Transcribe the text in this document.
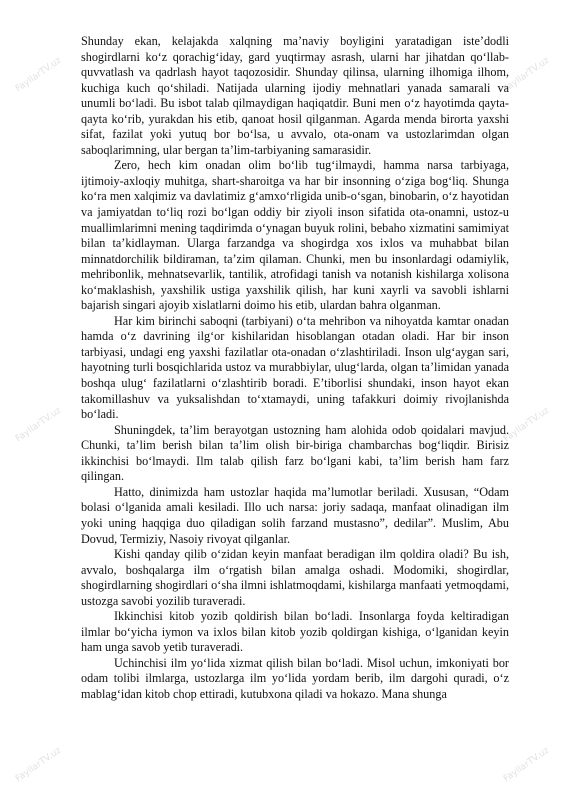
FayllarTV.uz	FayllarTV.uz
FayllarTV.uz	FayllarTV.uz
FayllarTV.uz	FayllarTV.uz

Shunday ekan, kelajakda xalqning ma’naviy boyligini yaratadigan iste’dodli shogirdlarni ko‘z qorachig‘iday, gard yuqtirmay asrash, ularni har jihatdan qo‘llab-quvvatlash va qadrlash hayot taqozosidir. Shunday qilinsa, ularning ilhomiga ilhom, kuchiga kuch qo‘shiladi. Natijada ularning ijodiy mehnatlari yanada samarali va unumli bo‘ladi. Bu isbot talab qilmaydigan haqiqatdir. Buni men o‘z hayotimda qayta-qayta ko‘rib, yurakdan his etib, qanoat hosil qilganman. Agarda menda birorta yaxshi sifat, fazilat yoki yutuq bor bo‘lsa, u avvalo, ota-onam va ustozlarimdan olgan saboqlarimning, ular bergan ta’lim-tarbiyaning samarasidir.

Zero, hech kim onadan olim bo‘lib tug‘ilmaydi, hamma narsa tarbiyaga, ijtimoiy-axloqiy muhitga, shart-sharoitga va har bir insonning o‘ziga bog‘liq. Shunga ko‘ra men xalqimiz va davlatimiz g‘amxo‘rligida unib-o‘sgan, binobarin, o‘z hayotidan va jamiyatdan to‘liq rozi bo‘lgan oddiy bir ziyoli inson sifatida ota-onamni, ustoz-u muallimlarimni mening taqdirimda o‘ynagan buyuk rolini, bebaho xizmatini samimiyat bilan ta’kidlayman. Ularga farzandga va shogirdga xos ixlos va muhabbat bilan minnatdorchilik bildiraman, ta’zim qilaman. Chunki, men bu insonlardagi odamiylik, mehribonlik, mehnatsevarlik, tantilik, atrofidagi tanish va notanish kishilarga xolisona ko‘maklashish, yaxshilik ustiga yaxshilik qilish, har kuni xayrli va savobli ishlarni bajarish singari ajoyib xislatlarni doimo his etib, ulardan bahra olganman.

Har kim birinchi saboqni (tarbiyani) o‘ta mehribon va nihoyatda kamtar onadan hamda o‘z davrining ilg‘or kishilaridan hisoblangan otadan oladi. Har bir inson tarbiyasi, undagi eng yaxshi fazilatlar ota-onadan o‘zlashtiriladi. Inson ulg‘aygan sari, hayotning turli bosqichlarida ustoz va murabbiylar, ulug‘larda, olgan ta’limidan yanada boshqa ulug‘ fazilatlarni o‘zlashtirib boradi. E’tiborlisi shundaki, inson hayot ekan takomillashuv va yuksalishdan to‘xtamaydi, uning tafakkuri doimiy rivojlanishda bo‘ladi.

Shuningdek, ta’lim berayotgan ustozning ham alohida odob qoidalari mavjud. Chunki, ta’lim berish bilan ta’lim olish bir-biriga chambarchas bog‘liqdir. Birisiz ikkinchisi bo‘lmaydi. Ilm talab qilish farz bo‘lgani kabi, ta’lim berish ham farz qilingan.

Hatto, dinimizda ham ustozlar haqida ma’lumotlar beriladi. Xususan, “Odam bolasi o‘lganida amali kesiladi. Illo uch narsa: joriy sadaqa, manfaat olinadigan ilm yoki uning haqqiga duo qiladigan solih farzand mustasno”, dedilar”. Muslim, Abu Dovud, Termiziy, Nasoiy rivoyat qilganlar.

Kishi qanday qilib o‘zidan keyin manfaat beradigan ilm qoldira oladi? Bu ish, avvalo, boshqalarga ilm o‘rgatish bilan amalga oshadi. Modomiki, shogirdlar, shogirdlarning shogirdlari o‘sha ilmni ishlatmoqdami, kishilarga manfaati yetmoqdami, ustozga savobi yozilib turaveradi.

Ikkinchisi kitob yozib qoldirish bilan bo‘ladi. Insonlarga foyda keltiradigan ilmlar bo‘yicha iymon va ixlos bilan kitob yozib qoldirgan kishiga, o‘lganidan keyin ham unga savob yetib turaveradi.

Uchinchisi ilm yo‘lida xizmat qilish bilan bo‘ladi. Misol uchun, imkoniyati bor odam tolibi ilmlarga, ustozlarga ilm yo‘lida yordam berib, ilm dargohi quradi, o‘z mablag‘idan kitob chop ettiradi, kutubxona qiladi va hokazo. Mana shunga
